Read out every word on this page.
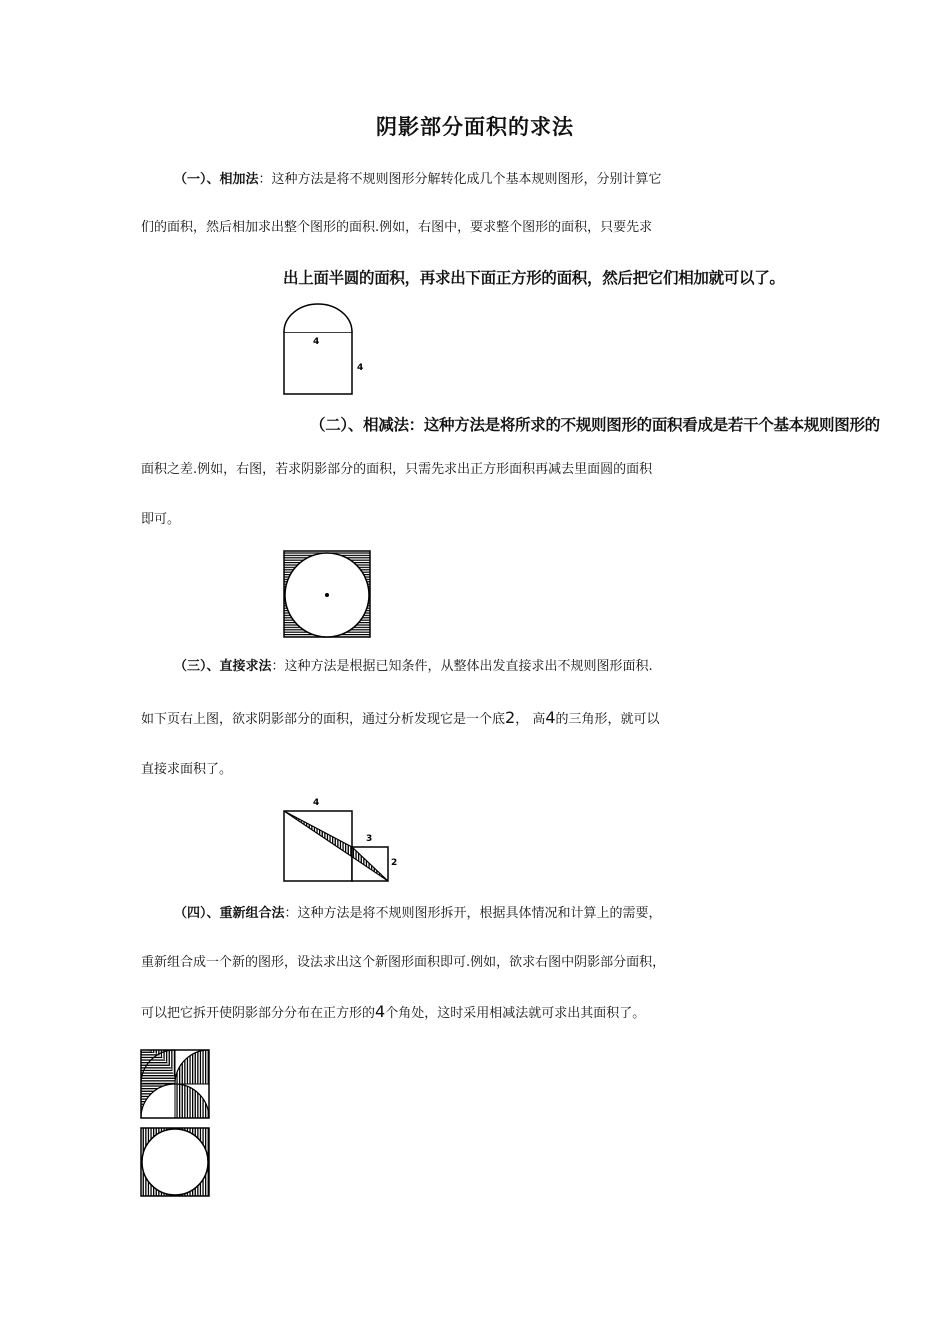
阴影部分面积的求法
（一）、相加法：这种方法是将不规则图形分解转化成几个基本规则图形，分别计算它
们的面积，然后相加求出整个图形的面积.例如，右图中，要求整个图形的面积，只要先求
出上面半圆的面积，再求出下面正方形的面积，然后把它们相加就可以了。
4
4
（二）、相减法：这种方法是将所求的不规则图形的面积看成是若干个基本规则图形的
面积之差.例如，右图，若求阴影部分的面积，只需先求出正方形面积再减去里面圆的面积
即可。
（三）、直接求法：这种方法是根据已知条件，从整体出发直接求出不规则图形面积.
如下页右上图，欲求阴影部分的面积，通过分析发现它是一个底2， 高4的三角形，就可以
直接求面积了。
4
3
2
（四）、重新组合法：这种方法是将不规则图形拆开，根据具体情况和计算上的需要，
重新组合成一个新的图形，设法求出这个新图形面积即可.例如，欲求右图中阴影部分面积，
可以把它拆开使阴影部分分布在正方形的4个角处，这时采用相减法就可求出其面积了。
